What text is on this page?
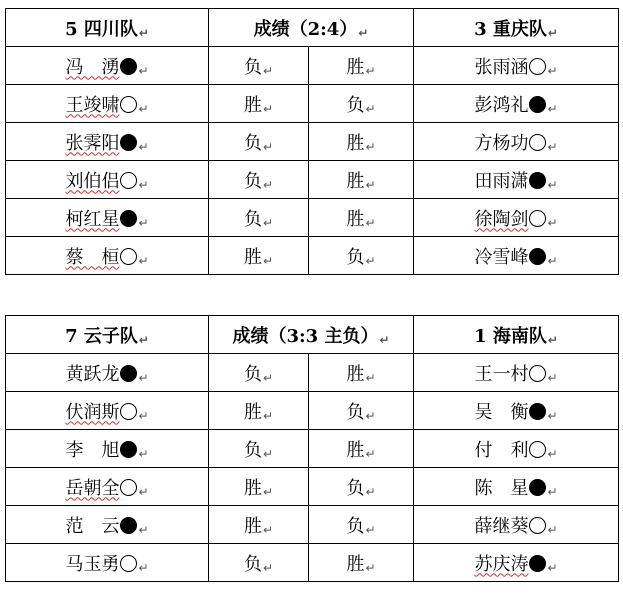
5 四川队↵	成绩（2:4）↵		3 重庆队↵
冯　湧 ↵	负↵	胜↵	张雨涵 ↵
王竣啸 ↵	胜↵	负↵	彭鸿礼 ↵
张霁阳 ↵	负↵	胜↵	方杨功 ↵
刘伯侣 ↵	负↵	胜↵	田雨潇 ↵
柯红星 ↵	负↵	胜↵	徐陶剑 ↵
蔡　桓 ↵	胜↵	负↵	冷雪峰 ↵
7 云子队↵	成绩（3:3 主负）↵		1 海南队↵
黄跃龙 ↵	负↵	胜↵	王一村 ↵
伏润斯 ↵	胜↵	负↵	吴　衡 ↵
李　旭 ↵	负↵	胜↵	付　利 ↵
岳朝全 ↵	胜↵	负↵	陈　星 ↵
范　云 ↵	胜↵	负↵	薛继葵 ↵
马玉勇 ↵	负↵	胜↵	苏庆涛 ↵
